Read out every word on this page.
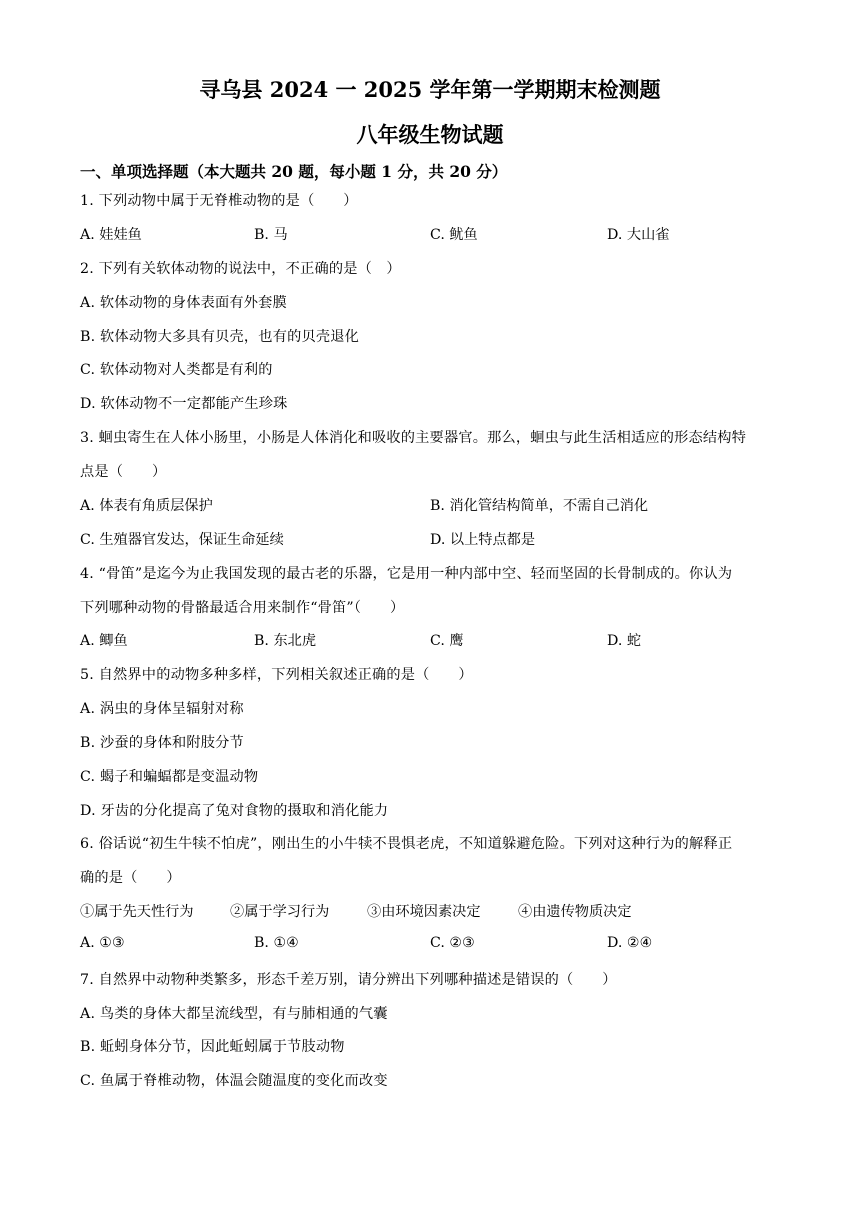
寻乌县 2024 一 2025 学年第一学期期末检测题
八年级生物试题
一、单项选择题（本大题共 20 题，每小题 1 分，共 20 分）
1. 下列动物中属于无脊椎动物的是（　　）
A. 娃娃鱼	B. 马	C. 鱿鱼	D. 大山雀
2. 下列有关软体动物的说法中，不正确的是（　）
A. 软体动物的身体表面有外套膜
B. 软体动物大多具有贝壳，也有的贝壳退化
C. 软体动物对人类都是有利的
D. 软体动物不一定都能产生珍珠
3. 蛔虫寄生在人体小肠里，小肠是人体消化和吸收的主要器官。那么，蛔虫与此生活相适应的形态结构特
点是（　　）
A. 体表有角质层保护	B. 消化管结构简单，不需自己消化
C. 生殖器官发达，保证生命延续	D. 以上特点都是
4. “骨笛”是迄今为止我国发现的最古老的乐器，它是用一种内部中空、轻而坚固的长骨制成的。你认为
下列哪种动物的骨骼最适合用来制作“骨笛”（　　）
A. 鲫鱼	B. 东北虎	C. 鹰	D. 蛇
5. 自然界中的动物多种多样，下列相关叙述正确的是（　　）
A. 涡虫的身体呈辐射对称
B. 沙蚕的身体和附肢分节
C. 蝎子和蝙蝠都是变温动物
D. 牙齿的分化提高了兔对食物的摄取和消化能力
6. 俗话说“初生牛犊不怕虎”，刚出生的小牛犊不畏惧老虎，不知道躲避危险。下列对这种行为的解释正
确的是（　　）
①属于先天性行为	②属于学习行为	③由环境因素决定	④由遗传物质决定
A. ①③	B. ①④	C. ②③	D. ②④
7. 自然界中动物种类繁多，形态千差万别，请分辨出下列哪种描述是错误的（　　）
A. 鸟类的身体大都呈流线型，有与肺相通的气囊
B. 蚯蚓身体分节，因此蚯蚓属于节肢动物
C. 鱼属于脊椎动物，体温会随温度的变化而改变
